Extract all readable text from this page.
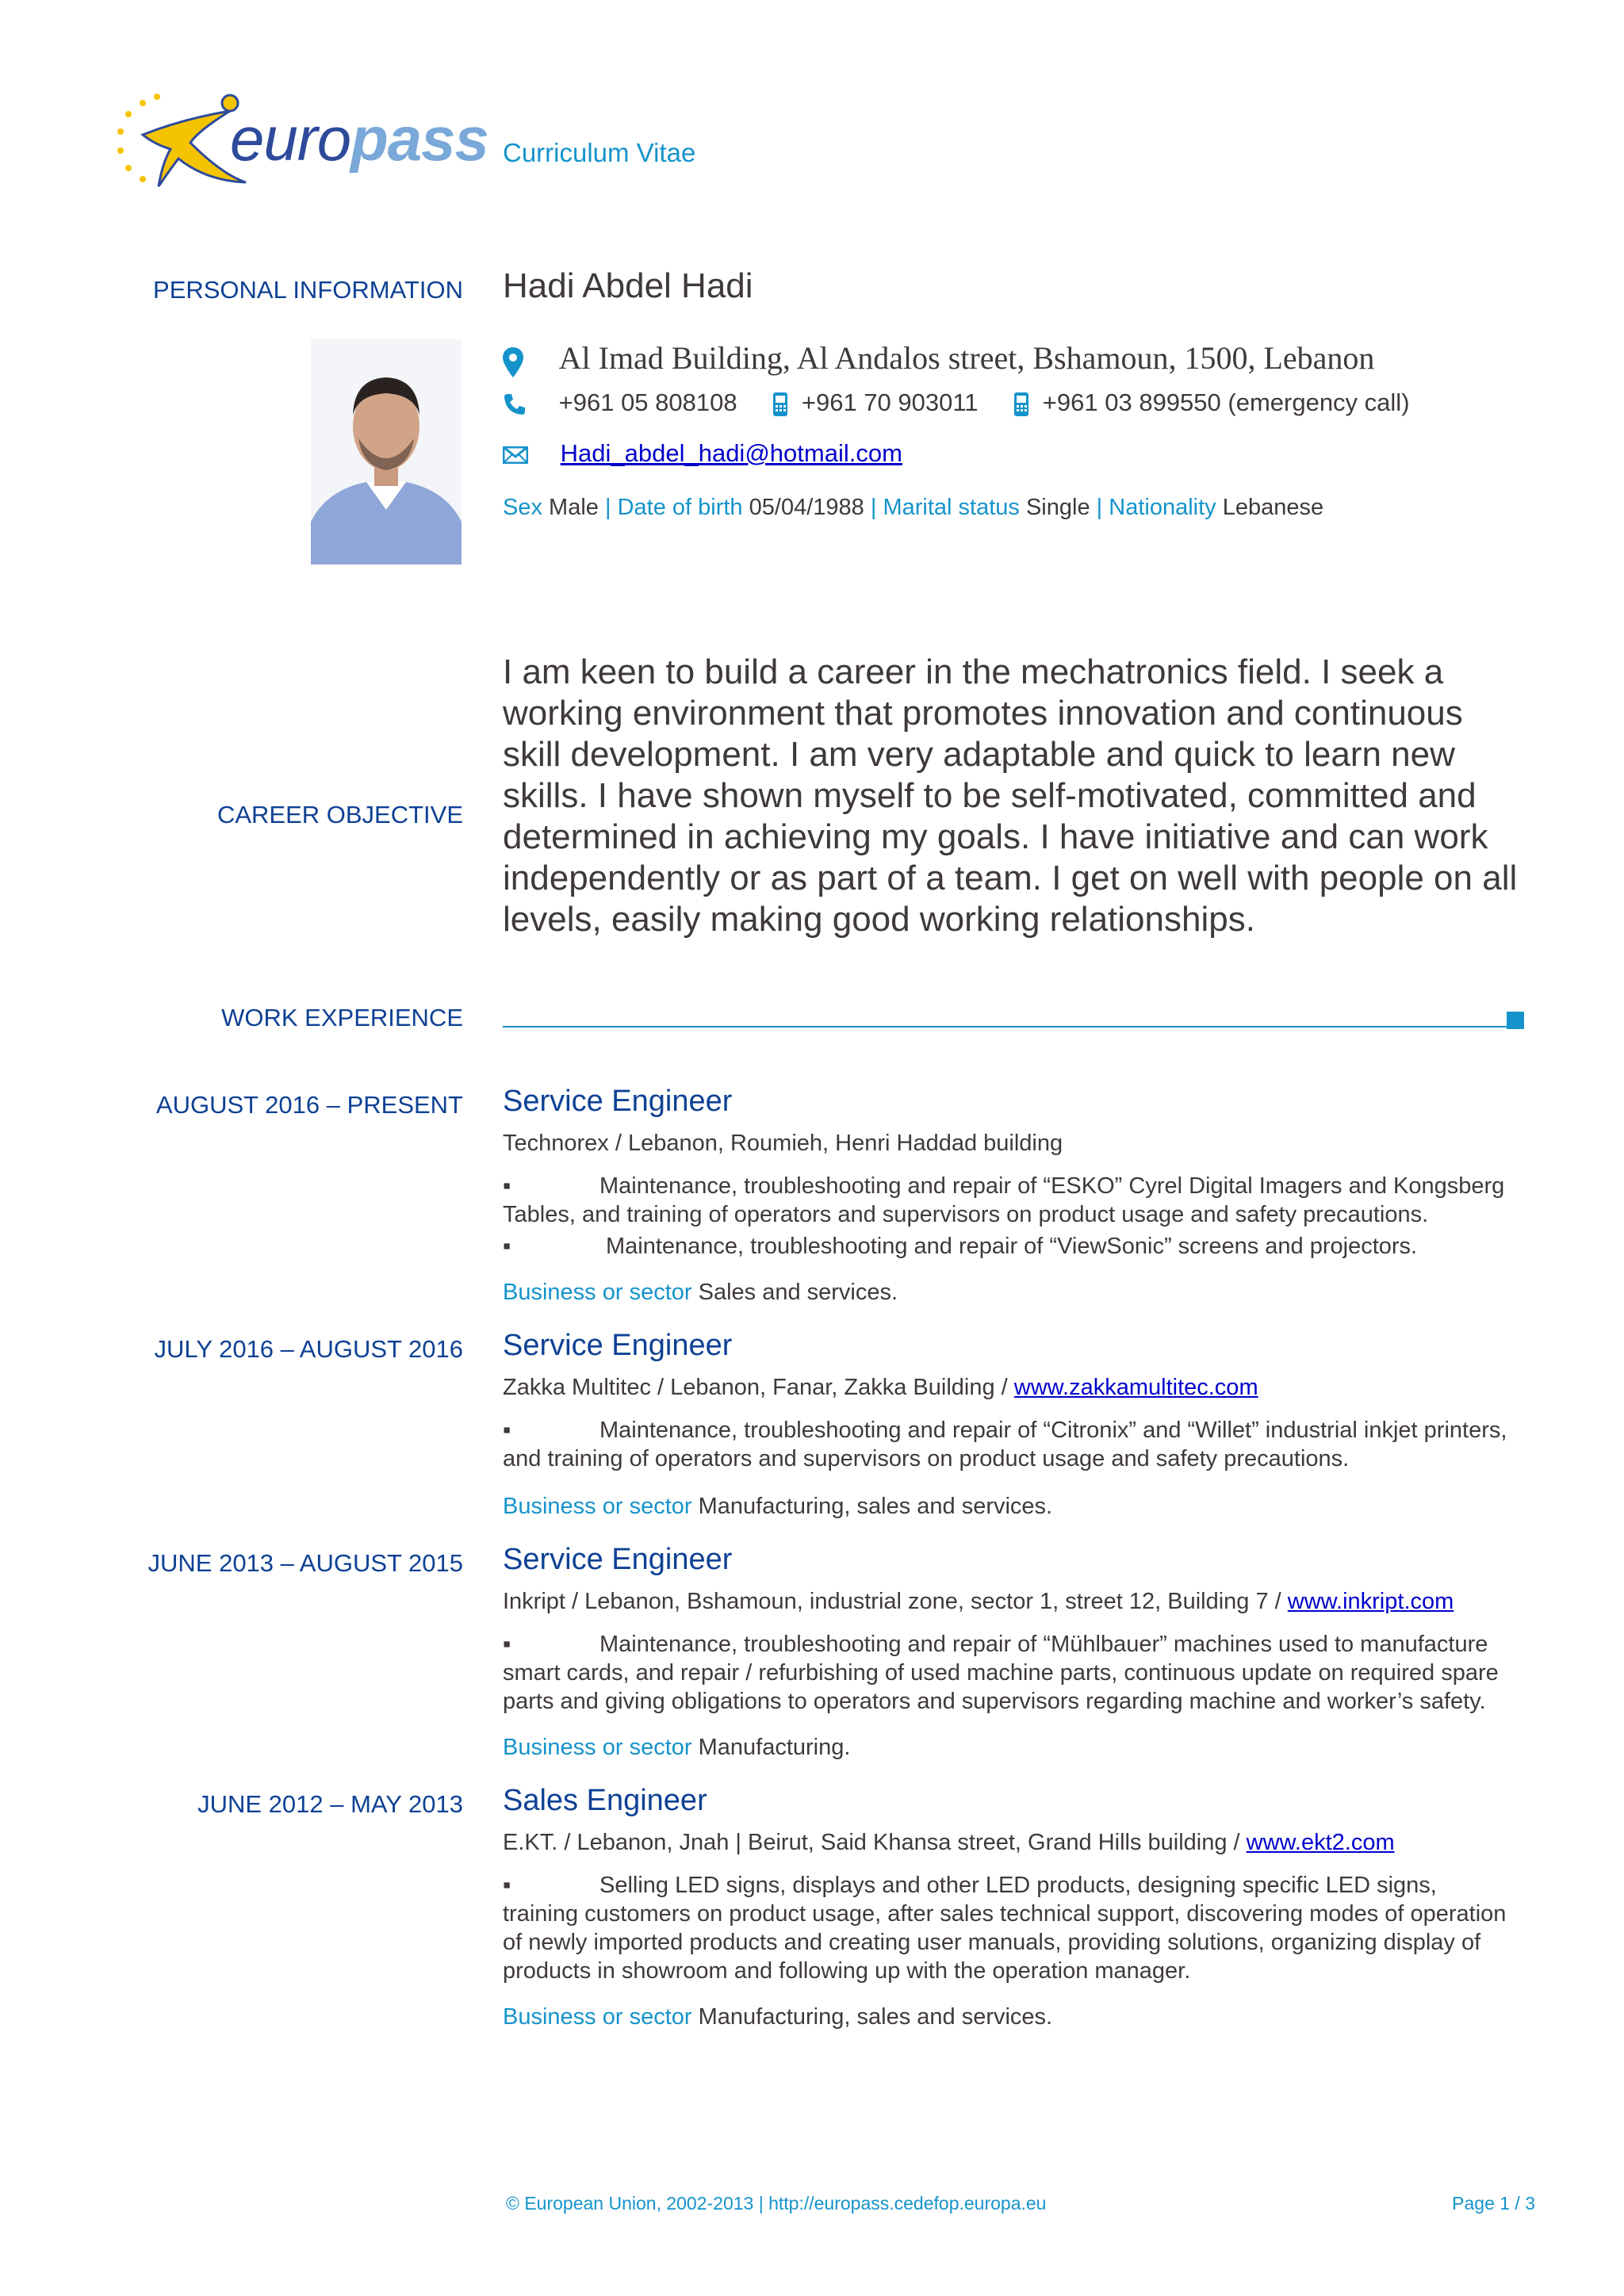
europass Curriculum Vitae
PERSONAL INFORMATION Hadi Abdel Hadi
Al Imad Building, Al Andalos street, Bshamoun, 1500, Lebanon
+961 05 808108	+961 70 903011	+961 03 899550 (emergency call)
Hadi_abdel_hadi@hotmail.com
Sex Male | Date of birth 05/04/1988 | Marital status Single | Nationality Lebanese
CAREER OBJECTIVE
I am keen to build a career in the mechatronics field. I seek a working environment that promotes innovation and continuous skill development. I am very adaptable and quick to learn new skills. I have shown myself to be self-motivated, committed and determined in achieving my goals. I have initiative and can work independently or as part of a team. I get on well with people on all levels, easily making good working relationships.
WORK EXPERIENCE
AUGUST 2016 – PRESENT Service Engineer
Technorex / Lebanon, Roumieh, Henri Haddad building
▪	Maintenance, troubleshooting and repair of “ESKO” Cyrel Digital Imagers and Kongsberg Tables, and training of operators and supervisors on product usage and safety precautions.
▪	Maintenance, troubleshooting and repair of “ViewSonic” screens and projectors.
Business or sector Sales and services.
JULY 2016 – AUGUST 2016 Service Engineer
Zakka Multitec / Lebanon, Fanar, Zakka Building / www.zakkamultitec.com
▪	Maintenance, troubleshooting and repair of “Citronix” and “Willet” industrial inkjet printers, and training of operators and supervisors on product usage and safety precautions.
Business or sector Manufacturing, sales and services.
JUNE 2013 – AUGUST 2015 Service Engineer
Inkript / Lebanon, Bshamoun, industrial zone, sector 1, street 12, Building 7 / www.inkript.com
▪	Maintenance, troubleshooting and repair of “Mühlbauer” machines used to manufacture smart cards, and repair / refurbishing of used machine parts, continuous update on required spare parts and giving obligations to operators and supervisors regarding machine and worker’s safety.
Business or sector Manufacturing.
JUNE 2012 – MAY 2013 Sales Engineer
E.KT. / Lebanon, Jnah | Beirut, Said Khansa street, Grand Hills building / www.ekt2.com
▪	Selling LED signs, displays and other LED products, designing specific LED signs, training customers on product usage, after sales technical support, discovering modes of operation of newly imported products and creating user manuals, providing solutions, organizing display of products in showroom and following up with the operation manager.
Business or sector Manufacturing, sales and services.
© European Union, 2002-2013 | http://europass.cedefop.europa.eu	Page 1 / 3
